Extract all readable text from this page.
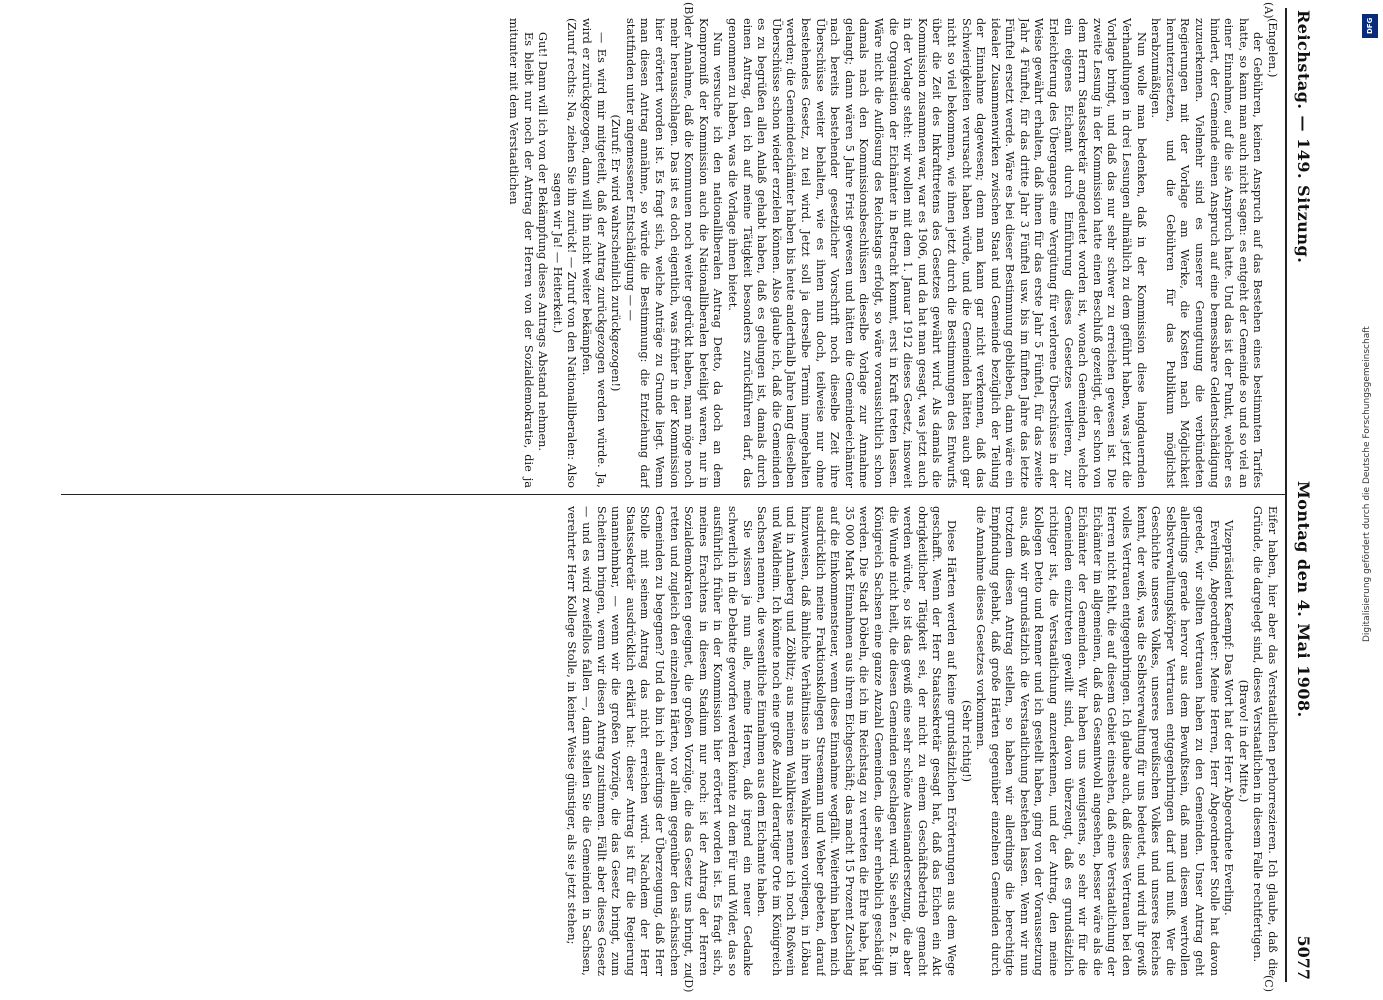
Reichstag. — 149. Sitzung.
Montag den 4. Mai 1908.
5077
(A)
(B)
(C)
(D)

(Engelen.)

der Gebühren, keinen Anspruch auf das Bestehen eines bestimmten Tarifes hatte, so kann man auch nicht sagen: es entgeht der Gemeinde so und so viel an einer Einnahme, auf die sie Anspruch hatte. Und das ist der Punkt, welcher es hindert, der Gemeinde einen Anspruch auf eine bemessbare Geldentschädigung zuzuerkennen. Vielmehr sind es unserer Genugtuung die verbündeten Regierungen mit der Vorlage am Werke, die Kosten nach Möglichkeit herunterzusetzen, und die Gebühren für das Publikum möglichst herabzumäßigen.

Nun wolle man bedenken, daß in der Kommission diese langdauernden Verhandlungen in drei Lesungen allmählich zu dem geführt haben, was jetzt die Vorlage bringt, und daß das nur sehr schwer zu erreichen gewesen ist. Die zweite Lesung in der Kommission hatte einen Beschluß gezeitigt, der schon von dem Herrn Staatssekretär angedeutet worden ist, wonach Gemeinden, welche ein eigenes Eichamt durch Einführung dieses Gesetzes verlieren, zur Erleichterung des Überganges eine Vergütung für verlorene Überschüsse in der Weise gewährt erhalten, daß ihnen für das erste Jahr 5 Fünftel, für das zweite Jahr 4 Fünftel, für das dritte Jahr 3 Fünftel usw. bis im fünften Jahre das letzte Fünftel ersetzt werde. Wäre es bei dieser Bestimmung geblieben, dann wäre ein idealer Zusammenwirken zwischen Staat und Gemeinde bezüglich der Teilung der Einnahme dagewesen; denn man kann gar nicht verkennen, daß das Schwierigkeiten verursacht haben würde, und die Gemeinden hätten auch gar nicht so viel bekommen, wie ihnen jetzt durch die Bestimmungen des Entwurfs über die Zeit des Inkrafttretens des Gesetzes gewährt wird. Als damals die Kommission zusammen war, war es 1906, und da hat man gesagt, was jetzt auch in der Vorlage steht: wir wollen mit dem 1. Januar 1912 dieses Gesetz, insoweit die Organisation der Eichämter in Betracht kommt, erst in Kraft treten lassen. Wäre nicht die Auflösung des Reichstags erfolgt, so wäre voraussichtlich schon damals nach den Kommissionsbeschlüssen dieselbe Vorlage zur Annahme gelangt; dann wären 5 Jahre Frist gewesen und hätten die Gemeindeeichämter nach bereits bestehender gesetzlicher Vorschrift noch dieselbe Zeit ihre Überschüsse weiter behalten, wie es ihnen nun doch, teilweise nur ohne bestehendes Gesetz, zu teil wird. Jetzt soll ja derselbe Termin innegehalten werden; die Gemeindeeichämter haben bis heute anderthalb Jahre lang dieselben Überschüsse schon wieder erzielen können. Also glaube ich, daß die Gemeinden es zu begrüßen allen Anlaß gehabt haben, daß es gelungen ist, damals durch einen Antrag, den ich auf meine Tätigkeit besonders zurückführen darf, das genommen zu haben, was die Vorlage ihnen bietet.

Nun versuche ich den nationalliberalen Antrag Detto, da doch an dem Kompromiß der Kommission auch die Nationalliberalen beteiligt waren, nur in der Annahme, daß die Kommunen noch weiter gedrückt haben, man möge noch mehr herausschlagen. Das ist es doch eigentlich, was früher in der Kommission hier erörtert worden ist. Es fragt sich, welche Anträge zu Grunde liegt. Wenn man diesen Antrag annähme, so würde die Bestimmung: die Entziehung darf stattfinden unter angemessener Entschädigung — —

(Zuruf: Er wird wahrscheinlich zurückgezogen!)

— Es wird mir mitgeteilt, daß der Antrag zurückgezogen werden würde. Ja, wird er zurückgezogen, dann will ihn nicht weiter bekämpfen.

(Zuruf rechts: Na, ziehen Sie ihn zurück! — Zuruf von den Nationalliberalen: Also sagen wir Ja! — Heiterkeit.)

Gut! Dann will ich von der Bekämpfung dieses Antrags Abstand nehmen.

Es bleibt nur noch der Antrag der Herren von der Sozialdemokratie, die ja mitunter mit dem Verstaatlichen

Eifer haben, hier aber das Verstaatlichen perhorreszieren. Ich glaube, daß die Gründe, die dargelegt sind, dieses Verstaatlichen in diesem Falle rechtfertigen.

(Bravo! in der Mitte.)

Vizepräsident Kaempf: Das Wort hat der Herr Abgeordnete Everling.

Everling, Abgeordneter: Meine Herren, Herr Abgeordneter Stolle hat davon geredet, wir sollten Vertrauen haben zu den Gemeinden. Unser Antrag geht allerdings gerade hervor aus dem Bewußtsein, daß man diesem wertvollen Selbstverwaltungskörper Vertrauen entgegenbringen darf und muß. Wer die Geschichte unseres Volkes, unseres preußischen Volkes und unseres Reiches kennt, der weiß, was die Selbstverwaltung für uns bedeutet, und wird ihr gewiß volles Vertrauen entgegenbringen. Ich glaube auch, daß dieses Vertrauen bei den Herren nicht fehlt, die auf diesem Gebiet einsehen, daß eine Verstaatlichung der Eichämter im allgemeinen, daß das Gesamtwohl angesehen, besser wäre als die Eichämter der Gemeinden. Wir haben uns wenigstens, so sehr wir für die Gemeinden einzutreten gewillt sind, davon überzeugt, daß es grundsätzlich richtiger ist, die Verstaatlichung anzuerkennen, und der Antrag, den meine Kollegen Detto und Renner und ich gestellt haben, ging von der Voraussetzung aus, daß wir grundsätzlich die Verstaatlichung bestehen lassen. Wenn wir nun trotzdem diesen Antrag stellen, so haben wir allerdings die berechtigte Empfindung gehabt, daß große Härten gegenüber einzelnen Gemeinden durch die Annahme dieses Gesetzes vorkommen.

(Sehr richtig!)

Diese Härten werden auf keine grundsätzlichen Erörterungen aus dem Wege geschafft. Wenn der Herr Staatssekretär gesagt hat, daß das Eichen ein Akt obrigkeitlicher Tätigkeit sei, der nicht zu einem Geschäftsbetrieb gemacht werden würde, so ist das gewiß eine sehr schöne Auseinandersetzung, die aber die Wunde nicht heilt, die diesen Gemeinden geschlagen wird. Sie sehen z. B. im Königreich Sachsen eine ganze Anzahl Gemeinden, die sehr erheblich geschädigt werden. Die Stadt Döbeln, die ich im Reichstag zu vertreten die Ehre habe, hat 35 000 Mark Einnahmen aus ihrem Eichgeschäft; das macht 15 Prozent Zuschlag auf die Einkommensteuer, wenn diese Einnahme wegfällt. Weiterhin haben mich ausdrücklich meine Fraktionskollegen Stresemann und Weber gebeten, darauf hinzuweisen, daß ähnliche Verhältnisse in ihren Wahlkreisen vorliegen, in Löbau und in Annaberg und Zöblitz; aus meinem Wahlkreise nenne ich noch Roßwein und Waldheim. Ich könnte noch eine große Anzahl derartiger Orte im Königreich Sachsen nennen, die wesentliche Einnahmen aus dem Eichamte haben.

Sie wissen ja nun alle, meine Herren, daß irgend ein neuer Gedanke schwerlich in die Debatte geworfen werden könnte zu dem Für und Wider, das so ausführlich früher in der Kommission hier erörtert worden ist. Es fragt sich, meines Erachtens in diesem Stadium nur noch: ist der Antrag der Herren Sozialdemokraten geeignet, die großen Vorzüge, die das Gesetz uns bringt, zu retten und zugleich den einzelnen Härten, vor allem gegenüber den sächsischen Gemeinden zu begegnen? Und da bin ich allerdings der Überzeugung, daß Herr Stolle mit seinem Antrag das nicht erreichen wird. Nachdem der Herr Staatssekretär ausdrücklich erklärt hat: dieser Antrag ist für die Regierung unannehmbar, — wenn wir die großen Vorzüge, die das Gesetz bringt, zum Scheitern bringen, wenn wir diesen Antrag zustimmen. Fällt aber dieses Gesetz — und es wird zweifellos fallen —, dann stellen Sie die Gemeinden in Sachsen, verehrter Herr Kollege Stolle, in keiner Weise günstiger, als sie jetzt stehen;

DFG
Digitalisierung gefördert durch die Deutsche Forschungsgemeinschaft
